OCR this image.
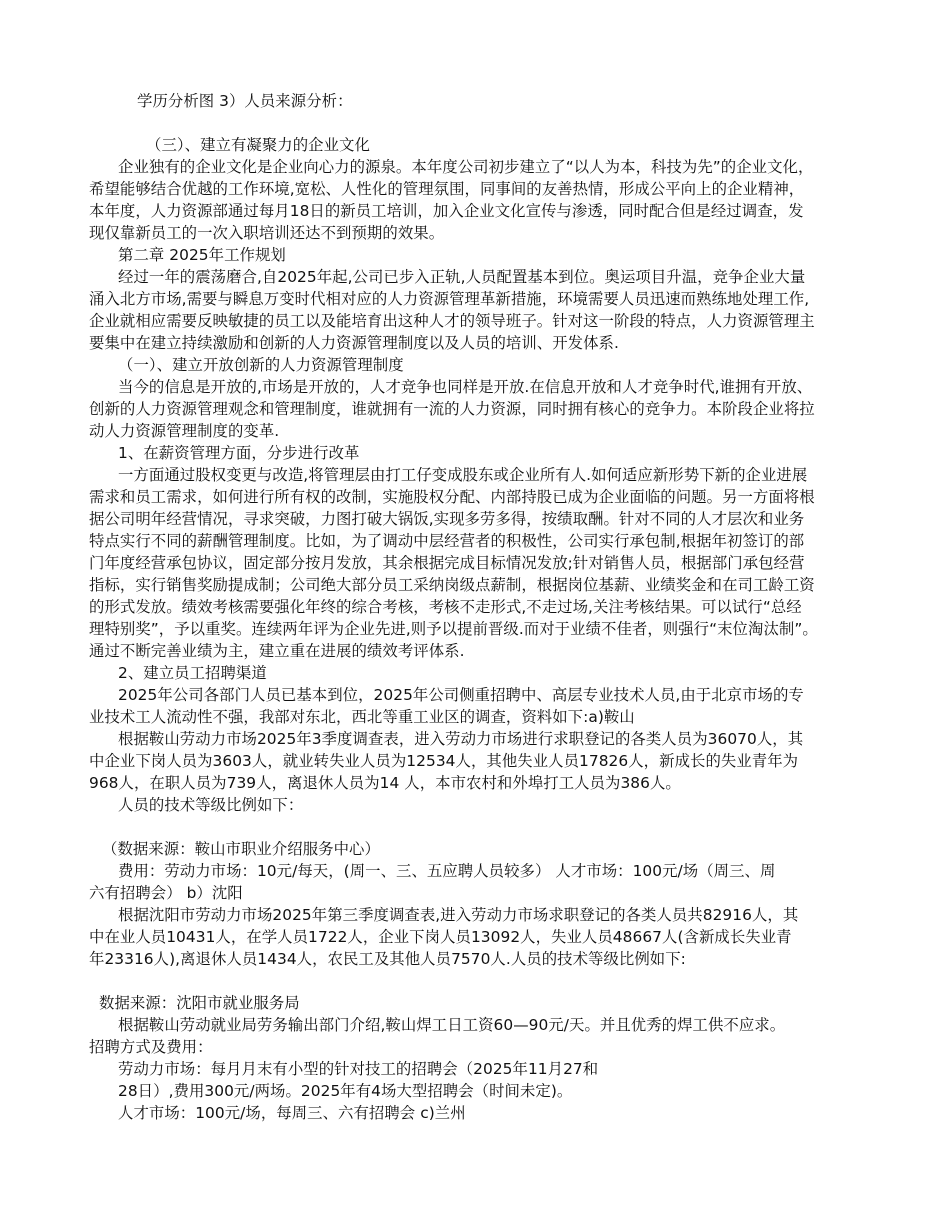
学历分析图 3）人员来源分析：
（三）、建立有凝聚力的企业文化
企业独有的企业文化是企业向心力的源泉。本年度公司初步建立了“以人为本，科技为先”的企业文化，
希望能够结合优越的工作环境,宽松、人性化的管理氛围，同事间的友善热情，形成公平向上的企业精神，
本年度，人力资源部通过每月18日的新员工培训，加入企业文化宣传与渗透，同时配合但是经过调查，发
现仅靠新员工的一次入职培训还达不到预期的效果。
第二章 2025年工作规划
经过一年的震荡磨合,自2025年起,公司已步入正轨,人员配置基本到位。奥运项目升温，竞争企业大量
涌入北方市场,需要与瞬息万变时代相对应的人力资源管理革新措施，环境需要人员迅速而熟练地处理工作,
企业就相应需要反映敏捷的员工以及能培育出这种人才的领导班子。针对这一阶段的特点，人力资源管理主
要集中在建立持续激励和创新的人力资源管理制度以及人员的培训、开发体系.
（一）、建立开放创新的人力资源管理制度
当今的信息是开放的,市场是开放的，人才竞争也同样是开放.在信息开放和人才竞争时代,谁拥有开放、
创新的人力资源管理观念和管理制度，谁就拥有一流的人力资源，同时拥有核心的竞争力。本阶段企业将拉
动人力资源管理制度的变革.
1、在薪资管理方面，分步进行改革
一方面通过股权变更与改造,将管理层由打工仔变成股东或企业所有人.如何适应新形势下新的企业进展
需求和员工需求，如何进行所有权的改制，实施股权分配、内部持股已成为企业面临的问题。另一方面将根
据公司明年经营情况，寻求突破，力图打破大锅饭,实现多劳多得，按绩取酬。针对不同的人才层次和业务
特点实行不同的薪酬管理制度。比如，为了调动中层经营者的积极性，公司实行承包制,根据年初签订的部
门年度经营承包协议，固定部分按月发放，其余根据完成目标情况发放;针对销售人员，根据部门承包经营
指标，实行销售奖励提成制；公司绝大部分员工采纳岗级点薪制，根据岗位基薪、业绩奖金和在司工龄工资
的形式发放。绩效考核需要强化年终的综合考核，考核不走形式,不走过场,关注考核结果。可以试行“总经
理特别奖”，予以重奖。连续两年评为企业先进,则予以提前晋级.而对于业绩不佳者，则强行“末位淘汰制”。
通过不断完善业绩为主，建立重在进展的绩效考评体系.
2、建立员工招聘渠道
2025年公司各部门人员已基本到位，2025年公司侧重招聘中、高层专业技术人员,由于北京市场的专
业技术工人流动性不强，我部对东北，西北等重工业区的调查，资料如下:a)鞍山
根据鞍山劳动力市场2025年3季度调查表，进入劳动力市场进行求职登记的各类人员为36070人，其
中企业下岗人员为3603人，就业转失业人员为12534人，其他失业人员17826人，新成长的失业青年为
968人，在职人员为739人，离退休人员为14 人，本市农村和外埠打工人员为386人。
人员的技术等级比例如下：
（数据来源：鞍山市职业介绍服务中心）
费用：劳动力市场：10元/每天，(周一、三、五应聘人员较多） 人才市场：100元/场（周三、周
六有招聘会） b）沈阳
根据沈阳市劳动力市场2025年第三季度调查表,进入劳动力市场求职登记的各类人员共82916人，其
中在业人员10431人，在学人员1722人，企业下岗人员13092人，失业人员48667人(含新成长失业青
年23316人),离退休人员1434人，农民工及其他人员7570人.人员的技术等级比例如下:
数据来源：沈阳市就业服务局
根据鞍山劳动就业局劳务输出部门介绍,鞍山焊工日工资60—90元/天。并且优秀的焊工供不应求。
招聘方式及费用：
劳动力市场：每月月末有小型的针对技工的招聘会（2025年11月27和
28日）,费用300元/两场。2025年有4场大型招聘会（时间未定)。
人才市场：100元/场，每周三、六有招聘会 c)兰州
